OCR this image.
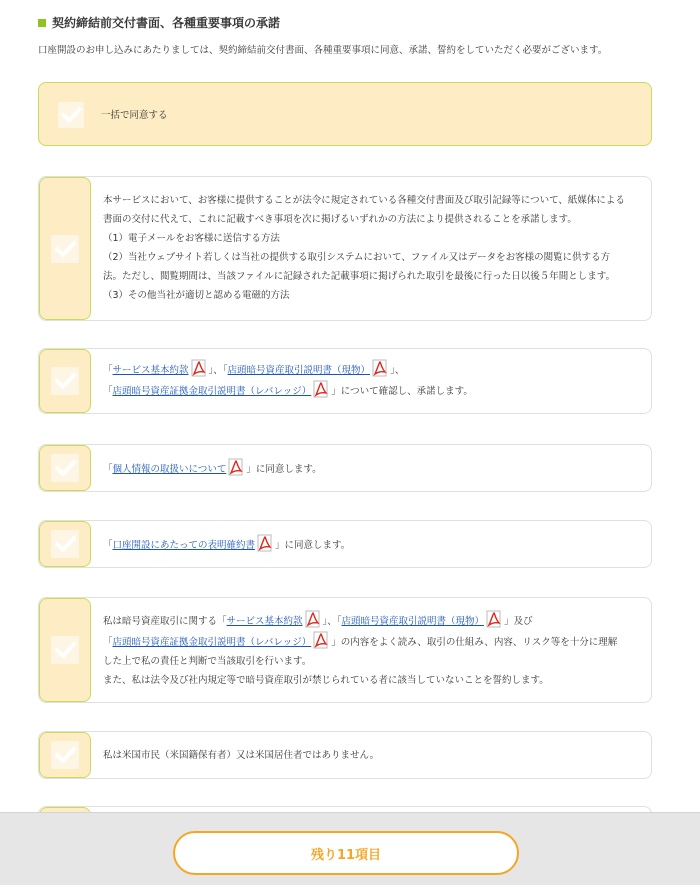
契約締結前交付書面、各種重要事項の承諾
口座開設のお申し込みにあたりましては、契約締結前交付書面、各種重要事項に同意、承諾、誓約をしていただく必要がございます。
一括で同意する
本サービスにおいて、お客様に提供することが法令に規定されている各種交付書面及び取引記録等について、紙媒体による
書面の交付に代えて、これに記載すべき事項を次に掲げるいずれかの方法により提供されることを承諾します。
（1）電子メールをお客様に送信する方法
（2）当社ウェブサイト若しくは当社の提供する取引システムにおいて、ファイル又はデータをお客様の閲覧に供する方
法。ただし、閲覧期間は、当該ファイルに記録された記載事項に掲げられた取引を最後に行った日以後５年間とします。
（3）その他当社が適切と認める電磁的方法
「サービス基本約款 」、「店頭暗号資産取引説明書（現物） 」、
「店頭暗号資産証拠金取引説明書（レバレッジ） 」について確認し、承諾します。
「個人情報の取扱いについて 」に同意します。
「口座開設にあたっての表明確約書 」に同意します。
私は暗号資産取引に関する「サービス基本約款 」、「店頭暗号資産取引説明書（現物） 」及び
「店頭暗号資産証拠金取引説明書（レバレッジ） 」の内容をよく読み、取引の仕組み、内容、リスク等を十分に理解
した上で私の責任と判断で当該取引を行います。
また、私は法令及び社内規定等で暗号資産取引が禁じられている者に該当していないことを誓約します。
私は米国市民（米国籍保有者）又は米国居住者ではありません。
残り11項目
